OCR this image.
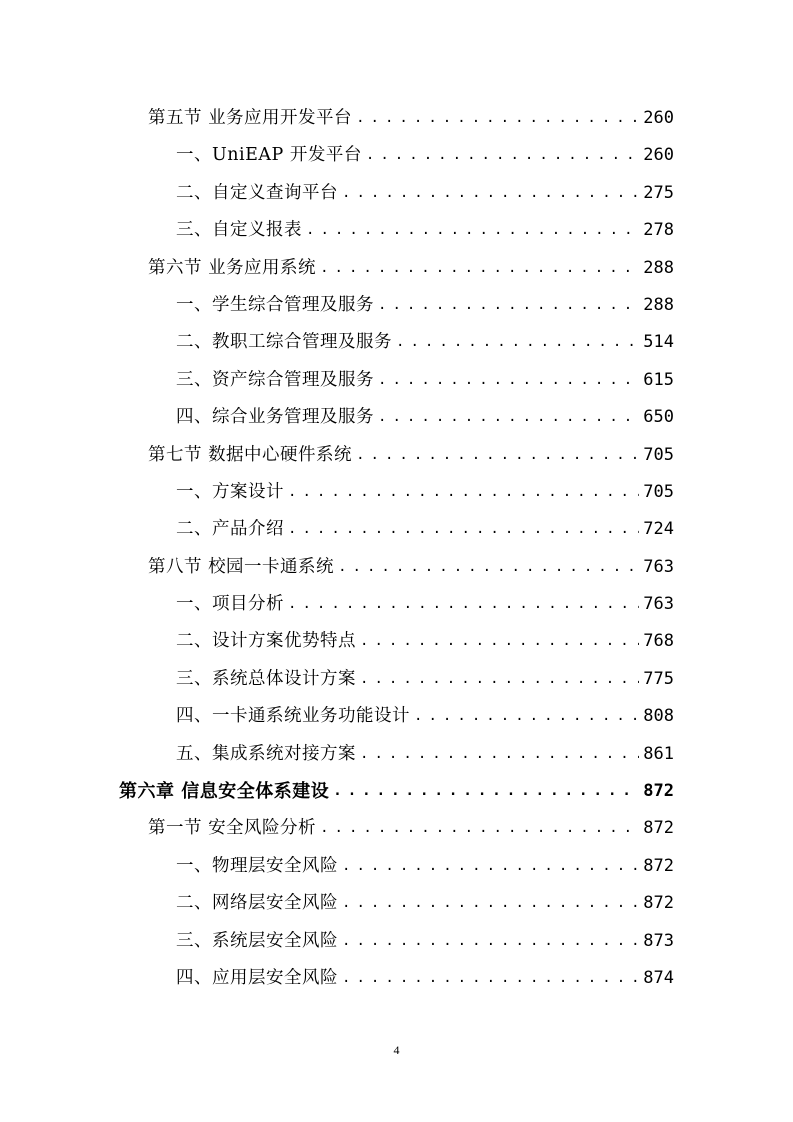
第五节 业务应用开发平台 . . .	260
一、UniEAP 开发平台 . . .	260
二、自定义查询平台 . . .	275
三、自定义报表 . . .	278
第六节 业务应用系统 . . .	288
一、学生综合管理及服务 . . .	288
二、教职工综合管理及服务 . . .	514
三、资产综合管理及服务 . . .	615
四、综合业务管理及服务 . . .	650
第七节 数据中心硬件系统 . . .	705
一、方案设计 . . .	705
二、产品介绍 . . .	724
第八节 校园一卡通系统 . . .	763
一、项目分析 . . .	763
二、设计方案优势特点 . . .	768
三、系统总体设计方案 . . .	775
四、一卡通系统业务功能设计 . . .	808
五、集成系统对接方案 . . .	861
第六章 信息安全体系建设 . . .	872
第一节 安全风险分析 . . .	872
一、物理层安全风险 . . .	872
二、网络层安全风险 . . .	872
三、系统层安全风险 . . .	873
四、应用层安全风险 . . .	874
4
